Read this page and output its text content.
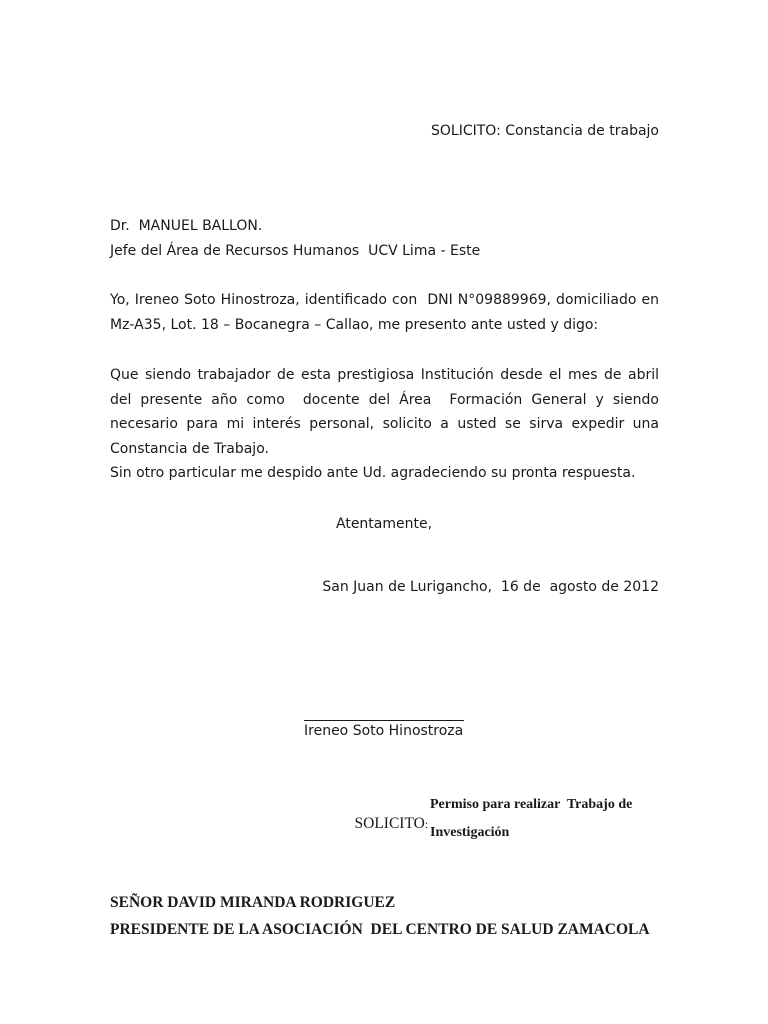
SOLICITO: Constancia de trabajo
Dr.  MANUEL BALLON.
Jefe del Área de Recursos Humanos  UCV Lima - Este

Yo, Ireneo Soto Hinostroza, identificado con  DNI N°09889969, domiciliado en

Mz-A35, Lot. 18 – Bocanegra – Callao, me presento ante usted y digo:

Que siendo trabajador de esta prestigiosa Institución desde el mes de abril

del presente año como  docente del Área  Formación General y siendo

necesario para mi interés personal, solicito a usted se sirva expedir una

Constancia de Trabajo.

Sin otro particular me despido ante Ud. agradeciendo su pronta respuesta.

Atentamente,
San Juan de Lurigancho,  16 de  agosto de 2012
Ireneo Soto Hinostroza

SOLICITO:

Permiso para realizar  Trabajo de
Investigación
SEÑOR DAVID MIRANDA RODRIGUEZ
PRESIDENTE DE LA ASOCIACIÓN  DEL CENTRO DE SALUD ZAMACOLA
